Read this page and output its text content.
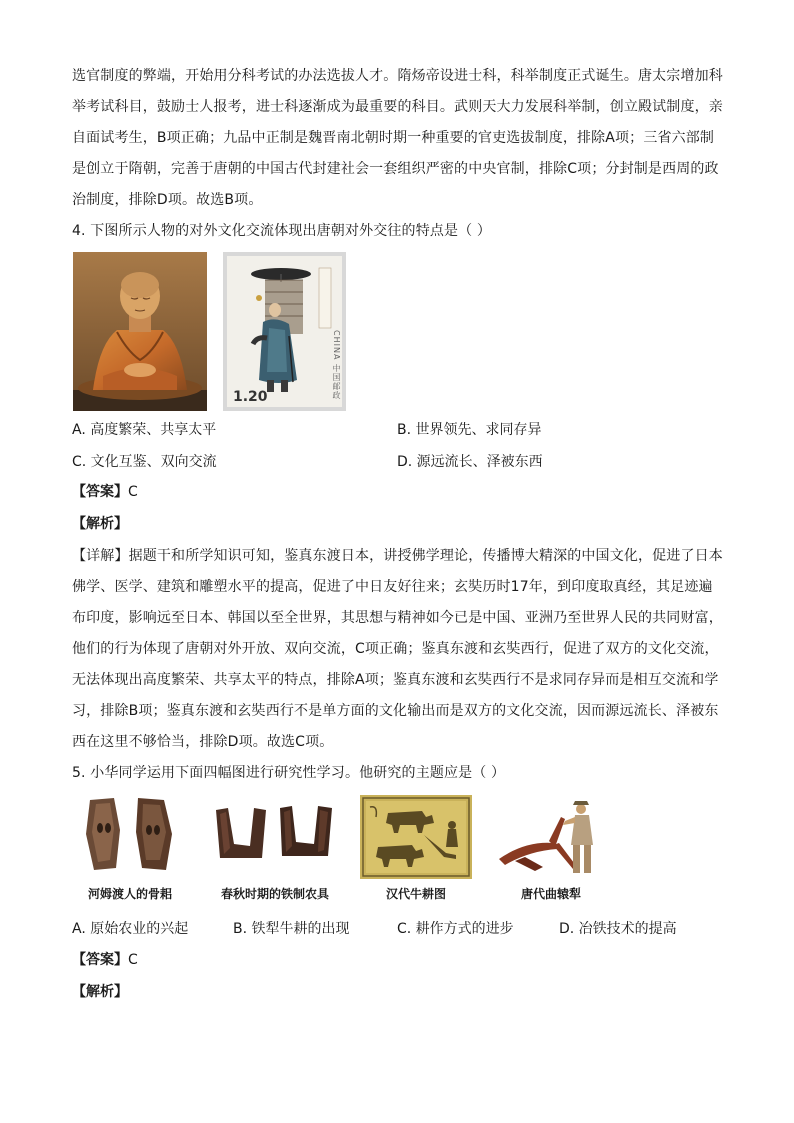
选官制度的弊端，开始用分科考试的办法选拔人才。隋炀帝设进士科，科举制度正式诞生。唐太宗增加科
举考试科目，鼓励士人报考，进士科逐渐成为最重要的科目。武则天大力发展科举制，创立殿试制度，亲
自面试考生，B项正确；九品中正制是魏晋南北朝时期一种重要的官吏选拔制度，排除A项；三省六部制
是创立于隋朝，完善于唐朝的中国古代封建社会一套组织严密的中央官制，排除C项；分封制是西周的政
治制度，排除D项。故选B项。
4. 下图所示人物的对外文化交流体现出唐朝对外交往的特点是（ ）
1.20	CHINA 中国邮政
A. 高度繁荣、共享太平	B. 世界领先、求同存异
C. 文化互鉴、双向交流	D. 源远流长、泽被东西
【答案】C
【解析】
【详解】据题干和所学知识可知，鉴真东渡日本，讲授佛学理论，传播博大精深的中国文化，促进了日本
佛学、医学、建筑和雕塑水平的提高，促进了中日友好往来；玄奘历时17年，到印度取真经，其足迹遍
布印度，影响远至日本、韩国以至全世界，其思想与精神如今已是中国、亚洲乃至世界人民的共同财富，
他们的行为体现了唐朝对外开放、双向交流，C项正确；鉴真东渡和玄奘西行，促进了双方的文化交流，
无法体现出高度繁荣、共享太平的特点，排除A项；鉴真东渡和玄奘西行不是求同存异而是相互交流和学
习，排除B项；鉴真东渡和玄奘西行不是单方面的文化输出而是双方的文化交流，因而源远流长、泽被东
西在这里不够恰当，排除D项。故选C项。
5. 小华同学运用下面四幅图进行研究性学习。他研究的主题应是（ ）
河姆渡人的骨耜	春秋时期的铁制农具	汉代牛耕图	唐代曲辕犁
A. 原始农业的兴起	B. 铁犁牛耕的出现	C. 耕作方式的进步	D. 冶铁技术的提高
【答案】C
【解析】
